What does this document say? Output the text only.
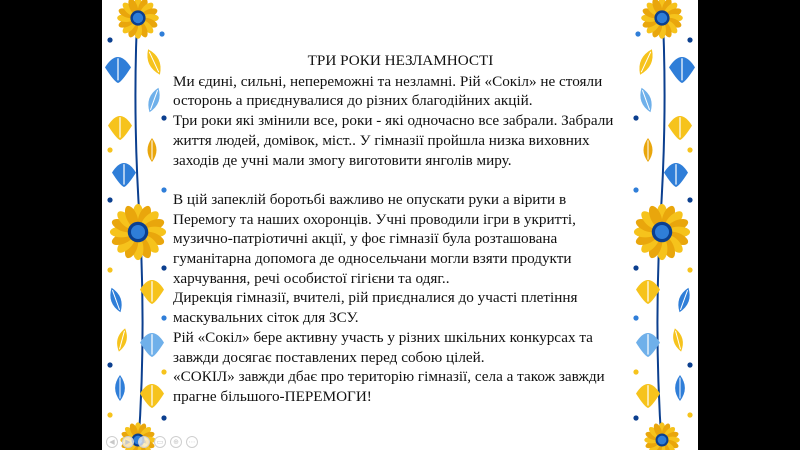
ТРИ РОКИ НЕЗЛАМНОСТІ

Ми єдині, сильні, непереможні та незламні. Рій «Сокіл» не стояли

осторонь а приєднувалися до різних благодійних акцій.

Три роки які змінили все, роки - які одночасно все забрали. Забрали

життя людей, домівок, міст.. У гімназії пройшла низка виховних

заходів де учні мали змогу виготовити янголів миру.

В цій запеклій боротьбі важливо не опускати руки а вірити в

Перемогу та наших охоронців. Учні проводили ігри в укритті,

музично-патріотичні акції, у фоє гімназії була розташована

гуманітарна допомога де односельчани могли взяти продукти

харчування, речі особистої гігієни та одяг..

Дирекція гімназії, вчителі, рій приєдналися до участі плетіння

маскувальних сіток для ЗСУ.

Рій «Сокіл» бере активну участь у різних шкільних конкурсах та

завжди досягає поставлених перед собою цілей.

«СОКІЛ» завжди дбає про територію гімназії, села а також завжди

прагне більшого-ПЕРЕМОГИ!

◀	▶	✎	▭	⊕	⋯
